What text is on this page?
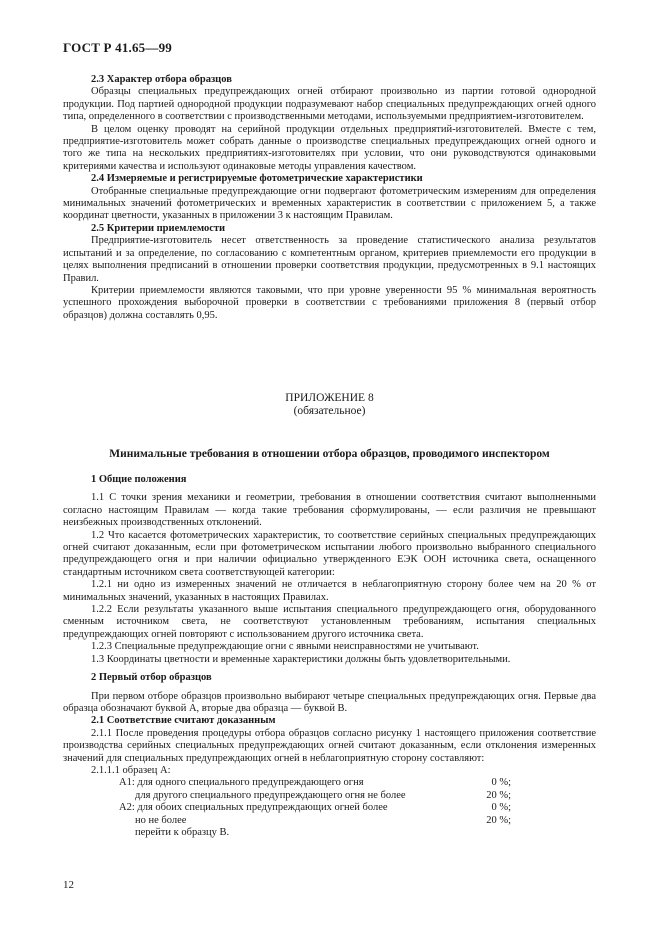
ГОСТ Р 41.65—99

2.3 Характер отбора образцов

Образцы специальных предупреждающих огней отбирают произвольно из партии готовой однородной продукции. Под партией однородной продукции подразумевают набор специальных предупреждающих огней одного типа, определенного в соответствии с производственными методами, используемыми предприятием-изготовителем.

В целом оценку проводят на серийной продукции отдельных предприятий-изготовителей. Вместе с тем, предприятие-изготовитель может собрать данные о производстве специальных предупреждающих огней одного и того же типа на нескольких предприятиях-изготовителях при условии, что они руководствуются одинаковыми критериями качества и используют одинаковые методы управления качеством.

2.4 Измеряемые и регистрируемые фотометрические характеристики

Отобранные специальные предупреждающие огни подвергают фотометрическим измерениям для определения минимальных значений фотометрических и временных характеристик в соответствии с приложением 5, а также координат цветности, указанных в приложении 3 к настоящим Правилам.

2.5 Критерии приемлемости

Предприятие-изготовитель несет ответственность за проведение статистического анализа результатов испытаний и за определение, по согласованию с компетентным органом, критериев приемлемости его продукции в целях выполнения предписаний в отношении проверки соответствия продукции, предусмотренных в 9.1 настоящих Правил.

Критерии приемлемости являются таковыми, что при уровне уверенности 95 % минимальная вероятность успешного прохождения выборочной проверки в соответствии с требованиями приложения 8 (первый отбор образцов) должна составлять 0,95.

ПРИЛОЖЕНИЕ 8
(обязательное)
Минимальные требования в отношении отбора образцов, проводимого инспектором

1 Общие положения

1.1 С точки зрения механики и геометрии, требования в отношении соответствия считают выполненными согласно настоящим Правилам — когда такие требования сформулированы, — если различия не превышают неизбежных производственных отклонений.

1.2 Что касается фотометрических характеристик, то соответствие серийных специальных предупреждающих огней считают доказанным, если при фотометрическом испытании любого произвольно выбранного специального предупреждающего огня и при наличии официально утвержденного ЕЭК ООН источника света, оснащенного стандартным источником света соответствующей категории:

1.2.1 ни одно из измеренных значений не отличается в неблагоприятную сторону более чем на 20 % от минимальных значений, указанных в настоящих Правилах.

1.2.2 Если результаты указанного выше испытания специального предупреждающего огня, оборудованного сменным источником света, не соответствуют установленным требованиям, испытания специальных предупреждающих огней повторяют с использованием другого источника света.

1.2.3 Специальные предупреждающие огни с явными неисправностями не учитывают.

1.3 Координаты цветности и временные характеристики должны быть удовлетворительными.

2 Первый отбор образцов

При первом отборе образцов произвольно выбирают четыре специальных предупреждающих огня. Первые два образца обозначают буквой А, вторые два образца — буквой В.

2.1 Соответствие считают доказанным

2.1.1 После проведения процедуры отбора образцов согласно рисунку 1 настоящего приложения соответствие производства серийных специальных предупреждающих огней считают доказанным, если отклонения измеренных значений для специальных предупреждающих огней в неблагоприятную сторону составляют:

2.1.1.1 образец А:

А1: для одного специального предупреждающего огня	0 %;

для другого специального предупреждающего огня не более	20 %;

А2: для обоих специальных предупреждающих огней более	0 %;

но не более	20 %;

перейти к образцу В.

12
